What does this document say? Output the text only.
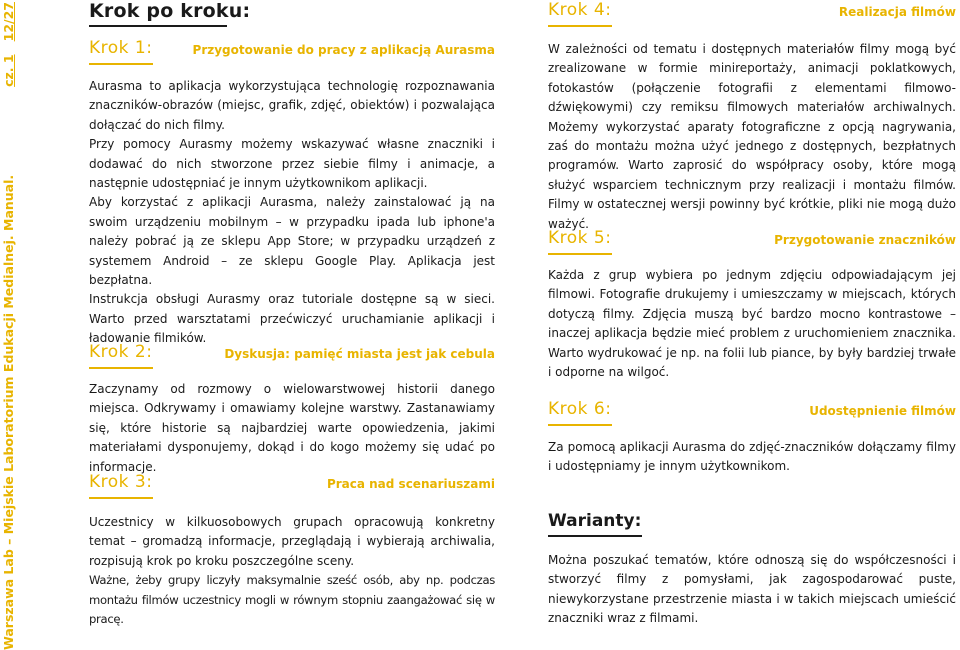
Warszawa Lab – Miejskie Laboratorium Edukacji Medialnej. Manual.
cz. 1   12/27	Krok po kroku:
Krok 1:	Przygotowanie do pracy z aplikacją Aurasma

Aurasma to aplikacja wykorzystująca technologię rozpoznawania znaczników-obrazów (miejsc, grafik, zdjęć, obiektów) i pozwalająca dołączać do nich filmy.

Przy pomocy Aurasmy możemy wskazywać własne znaczniki i dodawać do nich stworzone przez siebie filmy i animacje, a następnie udostępniać je innym użytkownikom aplikacji.

Aby korzystać z aplikacji Aurasma, należy zainstalować ją na swoim urządzeniu mobilnym – w przypadku ipada lub iphone'a należy pobrać ją ze sklepu App Store; w przypadku urządzeń z systemem Android – ze sklepu Google Play. Aplikacja jest bezpłatna.

Instrukcja obsługi Aurasmy oraz tutoriale dostępne są w sieci. Warto przed warsztatami przećwiczyć uruchamianie aplikacji i ładowanie filmików.

Krok 2:	Dyskusja: pamięć miasta jest jak cebula

Zaczynamy od rozmowy o wielowarstwowej historii danego miejsca. Odkrywamy i omawiamy kolejne warstwy. Zastanawiamy się, które historie są najbardziej warte opowiedzenia, jakimi materiałami dysponujemy, dokąd i do kogo możemy się udać po informacje.

Krok 3:	Praca nad scenariuszami

Uczestnicy w kilkuosobowych grupach opracowują konkretny temat – gromadzą informacje, przeglądają i wybierają archiwalia, rozpisują krok po kroku poszczególne sceny.

Ważne, żeby grupy liczyły maksymalnie sześć osób, aby np. podczas montażu filmów uczestnicy mogli w równym stopniu zaangażować się w pracę.

Krok 4:	Realizacja filmów

W zależności od tematu i dostępnych materiałów filmy mogą być zrealizowane w formie minireportaży, animacji poklatkowych, fotokastów (połączenie fotografii z elementami filmowo-dźwiękowymi) czy remiksu filmowych materiałów archiwalnych. Możemy wykorzystać aparaty fotograficzne z opcją nagrywania, zaś do montażu można użyć jednego z dostępnych, bezpłatnych programów. Warto zaprosić do współpracy osoby, które mogą służyć wsparciem technicznym przy realizacji i montażu filmów. Filmy w ostatecznej wersji powinny być krótkie, pliki nie mogą dużo ważyć.

Krok 5:	Przygotowanie znaczników

Każda z grup wybiera po jednym zdjęciu odpowiadającym jej filmowi. Fotografie drukujemy i umieszczamy w miejscach, których dotyczą filmy. Zdjęcia muszą być bardzo mocno kontrastowe – inaczej aplikacja będzie mieć problem z uruchomieniem znacznika. Warto wydrukować je np. na folii lub piance, by były bardziej trwałe i odporne na wilgoć.

Krok 6:	Udostępnienie filmów

Za pomocą aplikacji Aurasma do zdjęć-znaczników dołączamy filmy i udostępniamy je innym użytkownikom.

Warianty:

Można poszukać tematów, które odnoszą się do współczesności i stworzyć filmy z pomysłami, jak zagospodarować puste, niewykorzystane przestrzenie miasta i w takich miejscach umieścić znaczniki wraz z filmami.
